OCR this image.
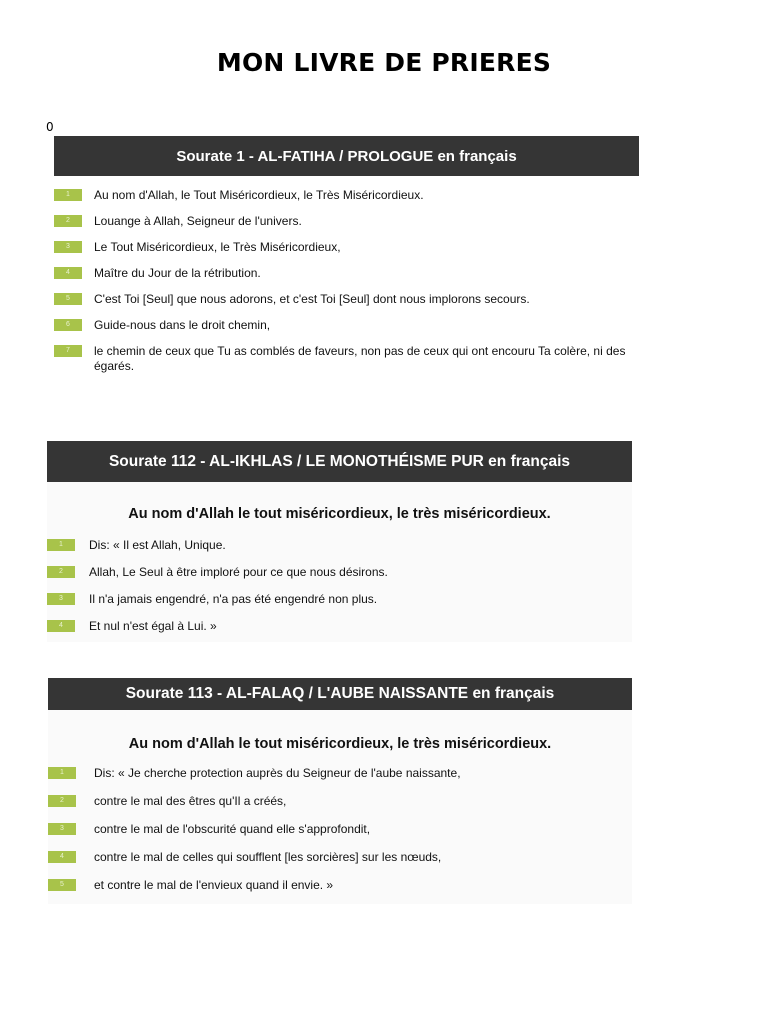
MON LIVRE DE PRIERES
0
Sourate 1 - AL-FATIHA / PROLOGUE en français
1	Au nom d'Allah, le Tout Miséricordieux, le Très Miséricordieux.
2	Louange à Allah, Seigneur de l'univers.
3	Le Tout Miséricordieux, le Très Miséricordieux,
4	Maître du Jour de la rétribution.
5	C'est Toi [Seul] que nous adorons, et c'est Toi [Seul] dont nous implorons secours.
6	Guide-nous dans le droit chemin,
7	le chemin de ceux que Tu as comblés de faveurs, non pas de ceux qui ont encouru Ta colère, ni des égarés.
Sourate 112 - AL-IKHLAS / LE MONOTHÉISME PUR en français
Au nom d'Allah le tout miséricordieux, le très miséricordieux.
1	Dis: « Il est Allah, Unique.
2	Allah, Le Seul à être imploré pour ce que nous désirons.
3	Il n'a jamais engendré, n'a pas été engendré non plus.
4	Et nul n'est égal à Lui. »
Sourate 113 - AL-FALAQ / L'AUBE NAISSANTE en français
Au nom d'Allah le tout miséricordieux, le très miséricordieux.
1	Dis: « Je cherche protection auprès du Seigneur de l'aube naissante,
2	contre le mal des êtres qu'Il a créés,
3	contre le mal de l'obscurité quand elle s'approfondit,
4	contre le mal de celles qui soufflent [les sorcières] sur les nœuds,
5	et contre le mal de l'envieux quand il envie. »
